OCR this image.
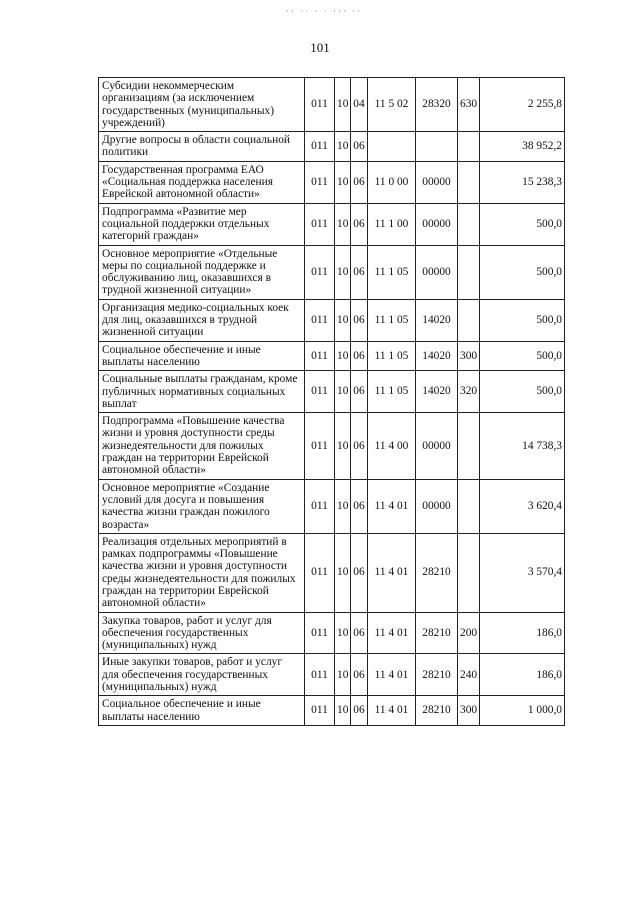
·· ·· · · ··· ··
101
Субсидии некоммерческим организациям (за исключением государственных (муниципальных) учреждений)	011	10	04	11 5 02	28320	630	2 255,8
Другие вопросы в области социальной политики	011	10	06				38 952,2
Государственная программа ЕАО «Социальная поддержка населения Еврейской автономной области»	011	10	06	11 0 00	00000		15 238,3
Подпрограмма «Развитие мер социальной поддержки отдельных категорий граждан»	011	10	06	11 1 00	00000		500,0
Основное мероприятие «Отдельные меры по социальной поддержке и обслуживанию лиц, оказавшихся в трудной жизненной ситуации»	011	10	06	11 1 05	00000		500,0
Организация медико-социальных коек для лиц, оказавшихся в трудной жизненной ситуации	011	10	06	11 1 05	14020		500,0
Социальное обеспечение и иные выплаты населению	011	10	06	11 1 05	14020	300	500,0
Социальные выплаты гражданам, кроме публичных нормативных социальных выплат	011	10	06	11 1 05	14020	320	500,0
Подпрограмма «Повышение качества жизни и уровня доступности среды жизнедеятельности для пожилых граждан на территории Еврейской автономной области»	011	10	06	11 4 00	00000		14 738,3
Основное мероприятие «Создание условий для досуга и повышения качества жизни граждан пожилого возраста»	011	10	06	11 4 01	00000		3 620,4
Реализация отдельных мероприятий в рамках подпрограммы «Повышение качества жизни и уровня доступности среды жизнедеятельности для пожилых граждан на территории Еврейской автономной области»	011	10	06	11 4 01	28210		3 570,4
Закупка товаров, работ и услуг для обеспечения государственных (муниципальных) нужд	011	10	06	11 4 01	28210	200	186,0
Иные закупки товаров, работ и услуг для обеспечения государственных (муниципальных) нужд	011	10	06	11 4 01	28210	240	186,0
Социальное обеспечение и иные выплаты населению	011	10	06	11 4 01	28210	300	1 000,0
